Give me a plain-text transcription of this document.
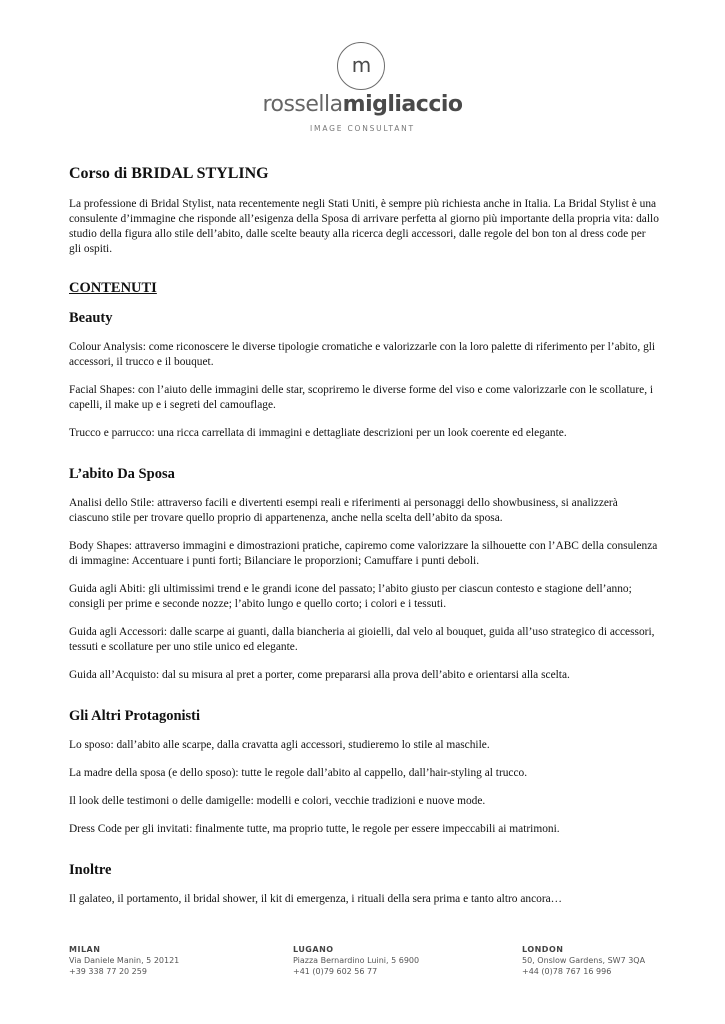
m
rossellamigliaccio
IMAGE CONSULTANT
Corso di BRIDAL STYLING

La professione di Bridal Stylist, nata recentemente negli Stati Uniti, è sempre più richiesta anche in Italia. La Bridal Stylist è una consulente d’immagine che risponde all’esigenza della Sposa di arrivare perfetta al giorno più importante della propria vita: dallo studio della figura allo stile dell’abito, dalle scelte beauty alla ricerca degli accessori, dalle regole del bon ton al dress code per gli ospiti.

CONTENUTI
Beauty

Colour Analysis: come riconoscere le diverse tipologie cromatiche e valorizzarle con la loro palette di riferimento per l’abito, gli accessori, il trucco e il bouquet.

Facial Shapes: con l’aiuto delle immagini delle star, scopriremo le diverse forme del viso e come valorizzarle con le scollature, i capelli, il make up e i segreti del camouflage.

Trucco e parrucco: una ricca carrellata di immagini e dettagliate descrizioni per un look coerente ed elegante.

L’abito Da Sposa

Analisi dello Stile: attraverso facili e divertenti esempi reali e riferimenti ai personaggi dello showbusiness, si analizzerà ciascuno stile per trovare quello proprio di appartenenza, anche nella scelta dell’abito da sposa.

Body Shapes: attraverso immagini e dimostrazioni pratiche, capiremo come valorizzare la silhouette con l’ABC della consulenza di immagine: Accentuare i punti forti; Bilanciare le proporzioni; Camuffare i punti deboli.

Guida agli Abiti: gli ultimissimi trend e le grandi icone del passato; l’abito giusto per ciascun contesto e stagione dell’anno; consigli per prime e seconde nozze; l’abito lungo e quello corto; i colori e i tessuti.

Guida agli Accessori: dalle scarpe ai guanti, dalla biancheria ai gioielli, dal velo al bouquet, guida all’uso strategico di accessori, tessuti e scollature per uno stile unico ed elegante.

Guida all’Acquisto: dal su misura al pret a porter, come prepararsi alla prova dell’abito e orientarsi alla scelta.

Gli Altri Protagonisti

Lo sposo: dall’abito alle scarpe, dalla cravatta agli accessori, studieremo lo stile al maschile.

La madre della sposa (e dello sposo): tutte le regole dall’abito al cappello, dall’hair-styling al trucco.

Il look delle testimoni o delle damigelle: modelli e colori, vecchie tradizioni e nuove mode.

Dress Code per gli invitati: finalmente tutte, ma proprio tutte, le regole per essere impeccabili ai matrimoni.

Inoltre

Il galateo, il portamento, il bridal shower, il kit di emergenza, i rituali della sera prima e tanto altro ancora…

MILAN
Via Daniele Manin, 5 20121
+39 338 77 20 259
LUGANO
Piazza Bernardino Luini, 5 6900
+41 (0)79 602 56 77
LONDON
50, Onslow Gardens, SW7 3QA
+44 (0)78 767 16 996
